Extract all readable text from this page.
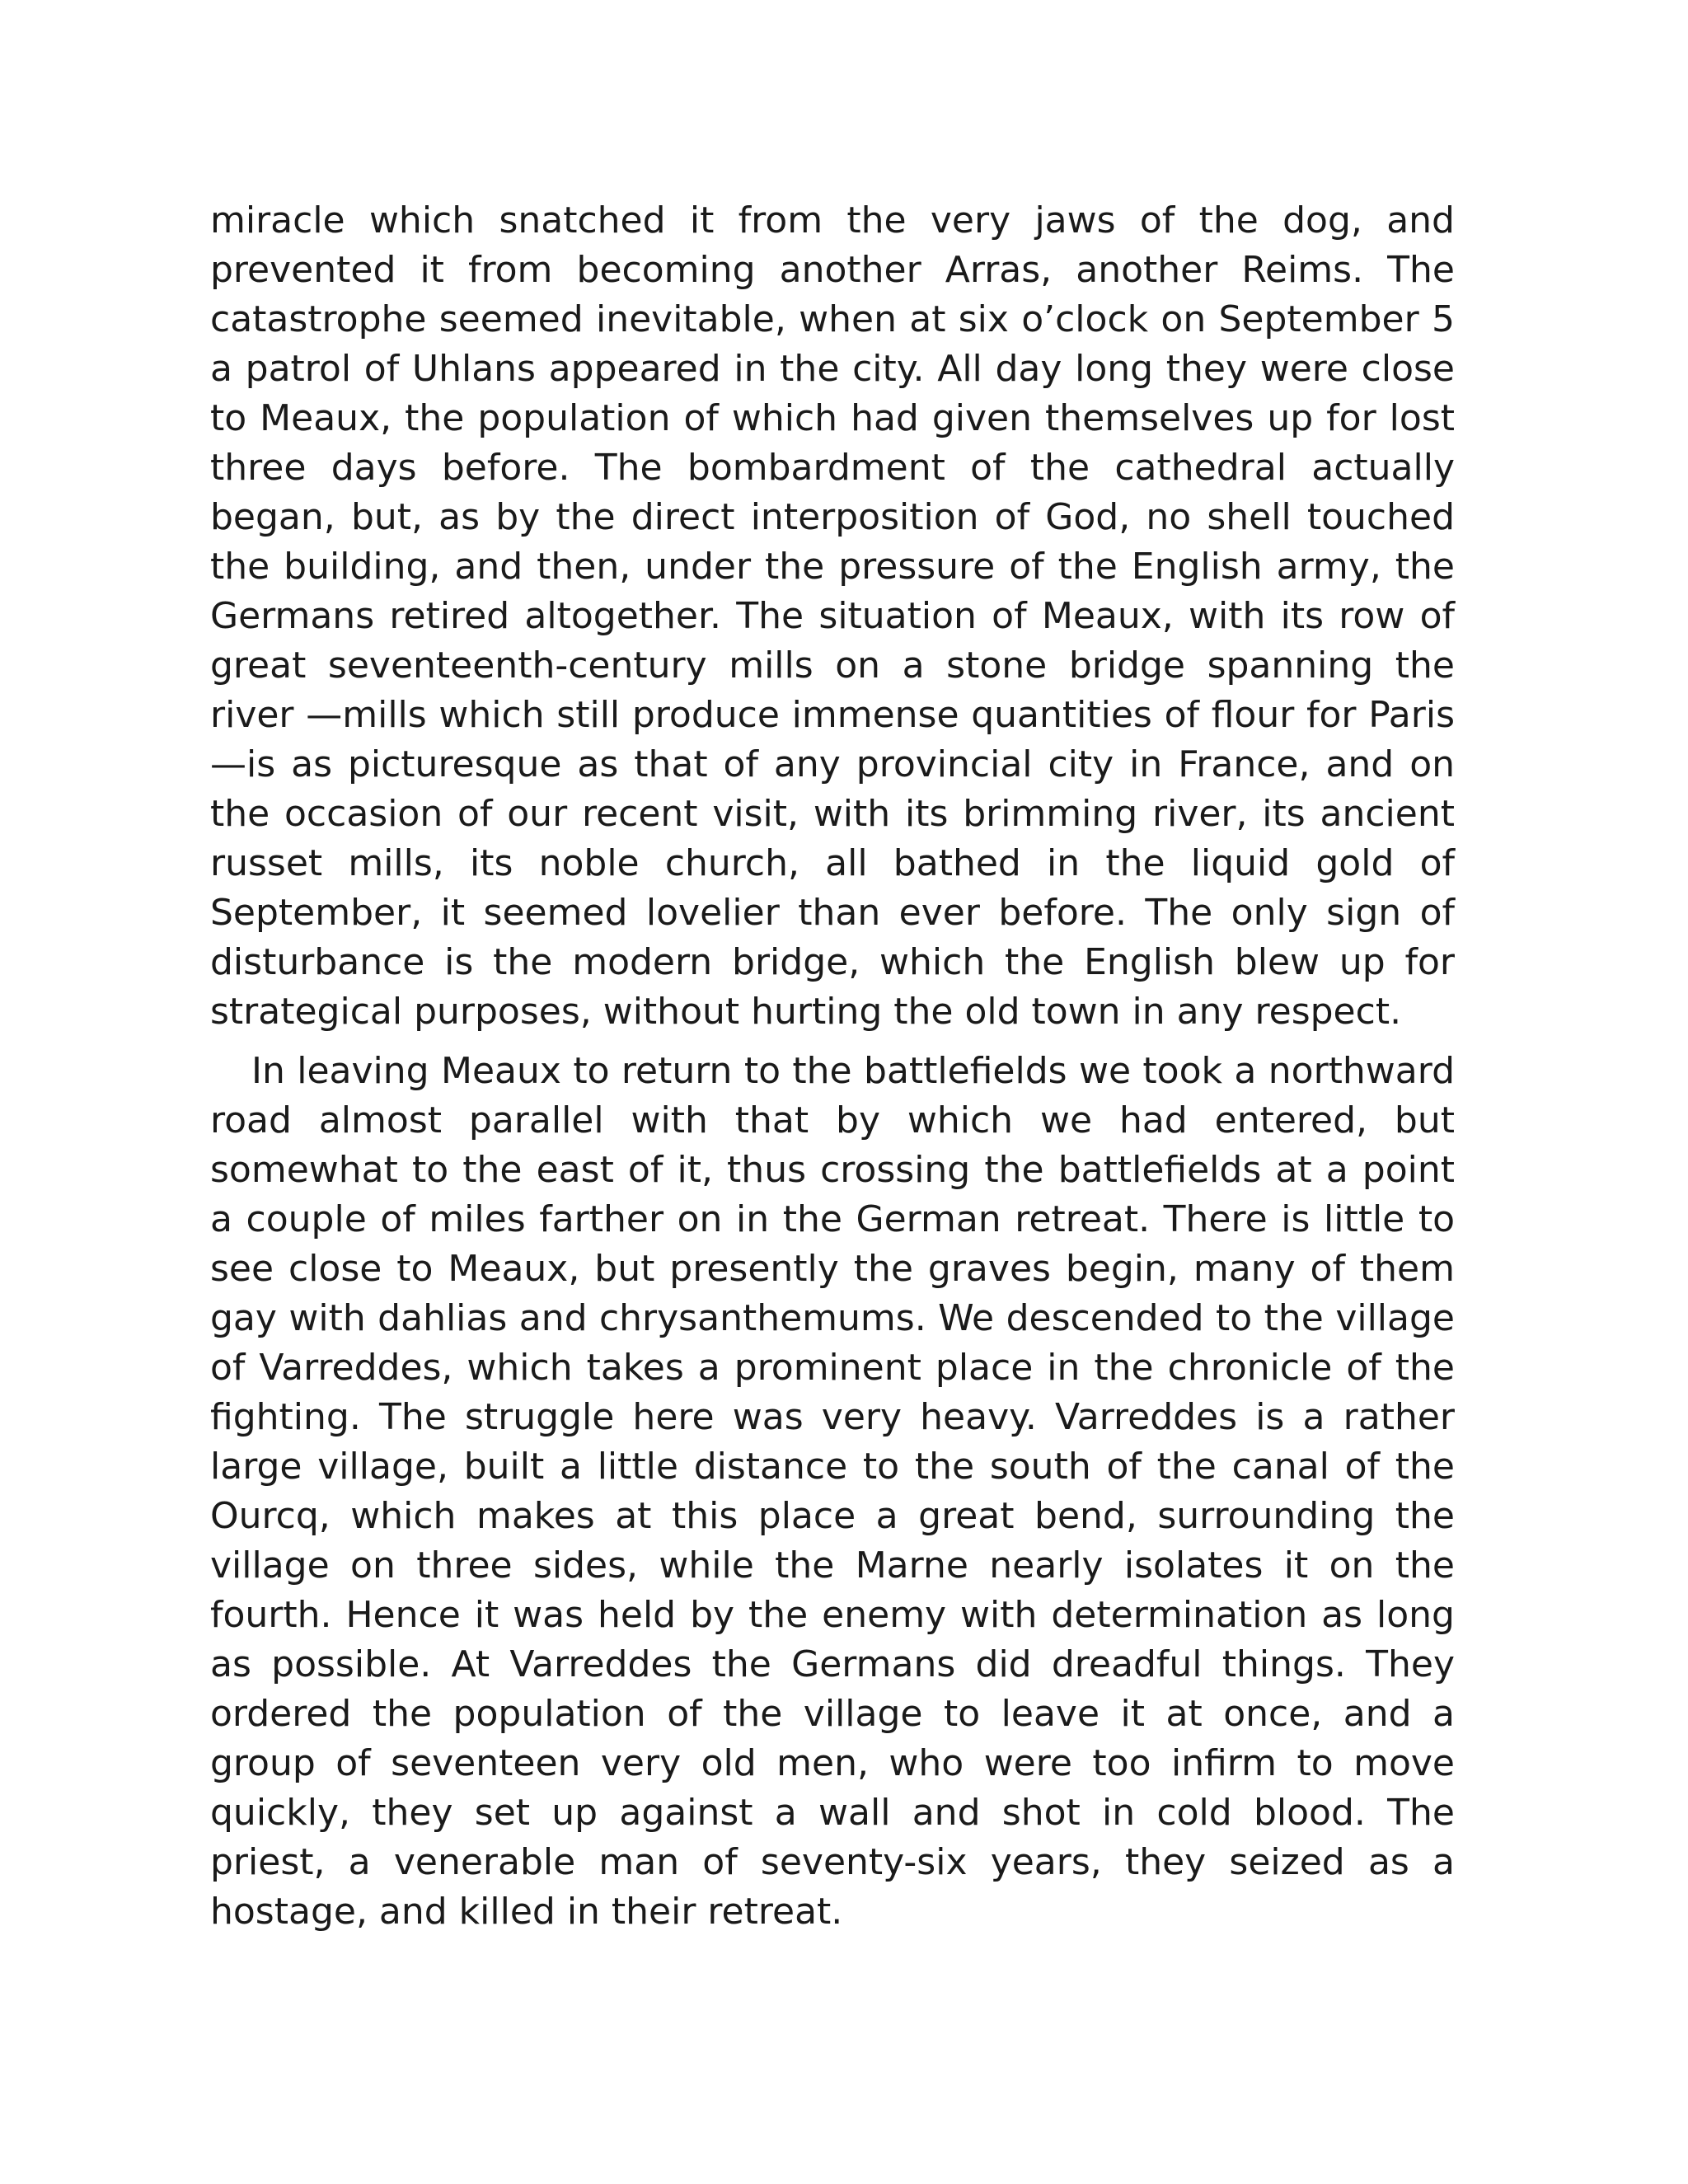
miracle which snatched it from the very jaws of the dog, and prevented it from becoming another Arras, another Reims. The catastrophe seemed inevitable, when at six o’clock on September 5 a patrol of Uhlans appeared in the city. All day long they were close to Meaux, the population of which had given themselves up for lost three days before. The bombardment of the cathedral actually began, but, as by the direct interposition of God, no shell touched the building, and then, under the pressure of the English army, the Germans retired altogether. The situation of Meaux, with its row of great seventeenth-century mills on a stone bridge spanning the river —mills which still produce immense quantities of flour for Paris—is as picturesque as that of any provincial city in France, and on the occasion of our recent visit, with its brimming river, its ancient russet mills, its noble church, all bathed in the liquid gold of September, it seemed lovelier than ever before. The only sign of disturbance is the modern bridge, which the English blew up for strategical purposes, without hurting the old town in any respect.

In leaving Meaux to return to the battlefields we took a northward road almost parallel with that by which we had entered, but somewhat to the east of it, thus crossing the battlefields at a point a couple of miles farther on in the German retreat. There is little to see close to Meaux, but presently the graves begin, many of them gay with dahlias and chrysanthemums. We descended to the village of Varreddes, which takes a prominent place in the chronicle of the fighting. The struggle here was very heavy. Varreddes is a rather large village, built a little distance to the south of the canal of the Ourcq, which makes at this place a great bend, surrounding the village on three sides, while the Marne nearly isolates it on the fourth. Hence it was held by the enemy with determination as long as possible. At Varreddes the Germans did dreadful things. They ordered the population of the village to leave it at once, and a group of seventeen very old men, who were too infirm to move quickly, they set up against a wall and shot in cold blood. The priest, a venerable man of seventy-six years, they seized as a hostage, and killed in their retreat.
